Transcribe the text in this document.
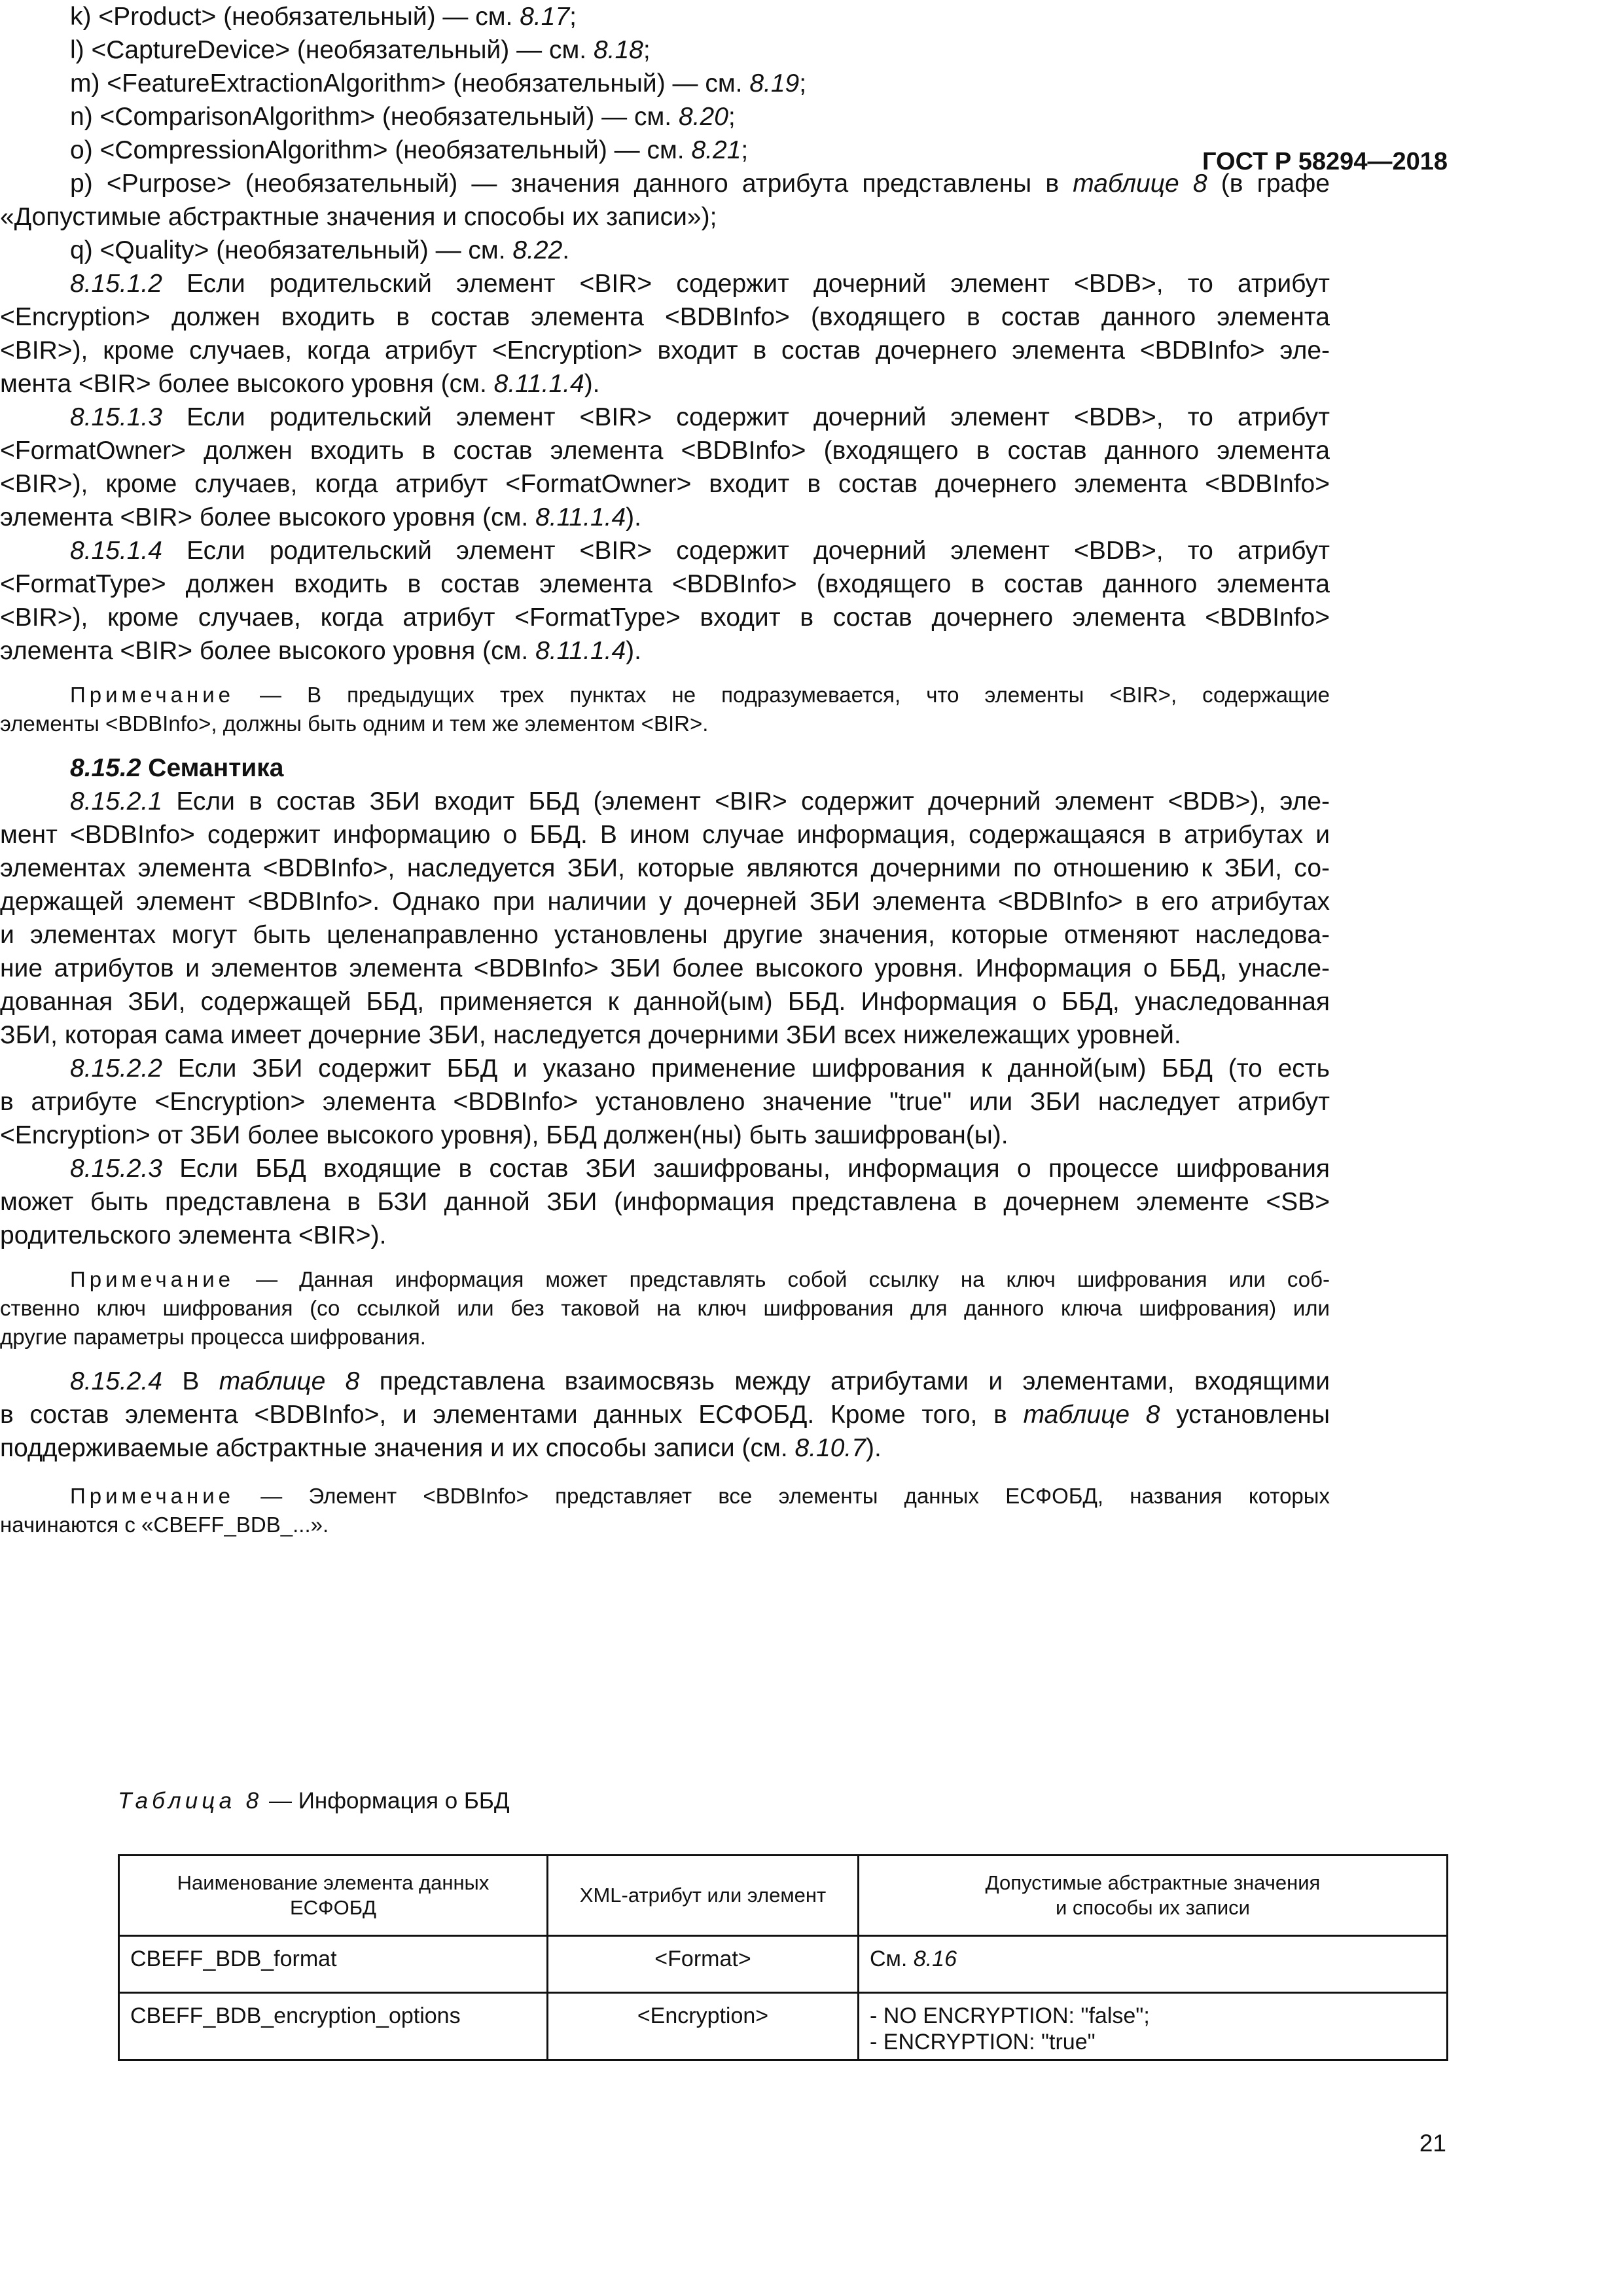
ГОСТ Р 58294—2018
k) <Product> (необязательный) — см. 8.17;
l) <CaptureDevice> (необязательный) — см. 8.18;
m) <FeatureExtractionAlgorithm> (необязательный) — см. 8.19;
n) <ComparisonAlgorithm> (необязательный) — см. 8.20;
o) <CompressionAlgorithm> (необязательный) — см. 8.21;
p) <Purpose> (необязательный) — значения данного атрибута представлены в таблице 8 (в графе
«Допустимые абстрактные значения и способы их записи»);
q) <Quality> (необязательный) — см. 8.22.
8.15.1.2 Если родительский элемент <BIR> содержит дочерний элемент <BDB>, то атрибут
<Encryption> должен входить в состав элемента <BDBInfo> (входящего в состав данного элемента
<BIR>), кроме случаев, когда атрибут <Encryption> входит в состав дочернего элемента <BDBInfo> эле-
мента <BIR> более высокого уровня (см. 8.11.1.4).
8.15.1.3 Если родительский элемент <BIR> содержит дочерний элемент <BDB>, то атрибут
<FormatOwner> должен входить в состав элемента <BDBInfo> (входящего в состав данного элемента
<BIR>), кроме случаев, когда атрибут <FormatOwner> входит в состав дочернего элемента <BDBInfo>
элемента <BIR> более высокого уровня (см. 8.11.1.4).
8.15.1.4 Если родительский элемент <BIR> содержит дочерний элемент <BDB>, то атрибут
<FormatType> должен входить в состав элемента <BDBInfo> (входящего в состав данного элемента
<BIR>), кроме случаев, когда атрибут <FormatType> входит в состав дочернего элемента <BDBInfo>
элемента <BIR> более высокого уровня (см. 8.11.1.4).
Примечание — В предыдущих трех пунктах не подразумевается, что элементы <BIR>, содержащие
элементы <BDBInfo>, должны быть одним и тем же элементом <BIR>.
8.15.2 Семантика
8.15.2.1 Если в состав ЗБИ входит ББД (элемент <BIR> содержит дочерний элемент <BDB>), эле-
мент <BDBInfo> содержит информацию о ББД. В ином случае информация, содержащаяся в атрибутах и
элементах элемента <BDBInfo>, наследуется ЗБИ, которые являются дочерними по отношению к ЗБИ, со-
держащей элемент <BDBInfo>. Однако при наличии у дочерней ЗБИ элемента <BDBInfo> в его атрибутах
и элементах могут быть целенаправленно установлены другие значения, которые отменяют наследова-
ние атрибутов и элементов элемента <BDBInfo> ЗБИ более высокого уровня. Информация о ББД, унасле-
дованная ЗБИ, содержащей ББД, применяется к данной(ым) ББД. Информация о ББД, унаследованная
ЗБИ, которая сама имеет дочерние ЗБИ, наследуется дочерними ЗБИ всех нижележащих уровней.
8.15.2.2 Если ЗБИ содержит ББД и указано применение шифрования к данной(ым) ББД (то есть
в атрибуте <Encryption> элемента <BDBInfo> установлено значение "true" или ЗБИ наследует атрибут
<Encryption> от ЗБИ более высокого уровня), ББД должен(ны) быть зашифрован(ы).
8.15.2.3 Если ББД входящие в состав ЗБИ зашифрованы, информация о процессе шифрования
может быть представлена в БЗИ данной ЗБИ (информация представлена в дочернем элементе <SB>
родительского элемента <BIR>).
Примечание — Данная информация может представлять собой ссылку на ключ шифрования или соб-
ственно ключ шифрования (со ссылкой или без таковой на ключ шифрования для данного ключа шифрования) или
другие параметры процесса шифрования.
8.15.2.4 В таблице 8 представлена взаимосвязь между атрибутами и элементами, входящими
в состав элемента <BDBInfo>, и элементами данных ЕСФОБД. Кроме того, в таблице 8 установлены
поддерживаемые абстрактные значения и их способы записи (см. 8.10.7).
Примечание — Элемент <BDBInfo> представляет все элементы данных ЕСФОБД, названия которых
начинаются с «CBEFF_BDB_...».
Таблица 8 — Информация о ББД
Наименование элемента данных
ЕСФОБД	XML-атрибут или элемент	Допустимые абстрактные значения
и способы их записи
CBEFF_BDB_format	<Format>	См. 8.16
CBEFF_BDB_encryption_options	<Encryption>	- NO ENCRYPTION: "false";
- ENCRYPTION: "true"
21
